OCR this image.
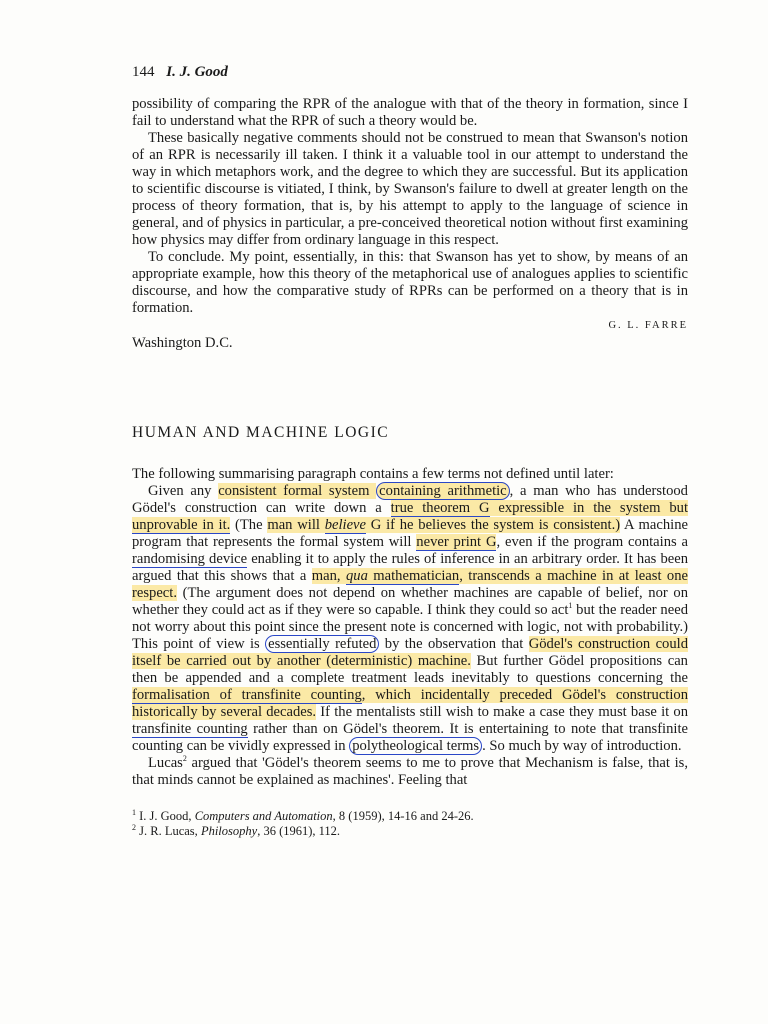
144 I. J. Good

possibility of comparing the RPR of the analogue with that of the theory in formation, since I fail to understand what the RPR of such a theory would be.

These basically negative comments should not be construed to mean that Swanson's notion of an RPR is necessarily ill taken. I think it a valuable tool in our attempt to understand the way in which metaphors work, and the degree to which they are successful. But its application to scientific discourse is vitiated, I think, by Swanson's failure to dwell at greater length on the process of theory formation, that is, by his attempt to apply to the language of science in general, and of physics in particular, a pre-conceived theoretical notion without first examining how physics may differ from ordinary language in this respect.

To conclude. My point, essentially, in this: that Swanson has yet to show, by means of an appropriate example, how this theory of the metaphorical use of analogues applies to scientific discourse, and how the comparative study of RPRs can be performed on a theory that is in formation.

G. L. FARRE
Washington D.C.
HUMAN AND MACHINE LOGIC

The following summarising paragraph contains a few terms not defined until later:

Given any consistent formal system containing arithmetic , a man who has understood Gödel's construction can write down a true theorem G expressible in the system but unprovable in it. (The man will believe G if he believes the system is consistent.) A machine program that represents the formal system will never print G, even if the program contains a randomising device enabling it to apply the rules of inference in an arbitrary order. It has been argued that this shows that a man, qua mathematician, transcends a machine in at least one respect. (The argument does not depend on whether machines are capable of belief, nor on whether they could act as if they were so capable. I think they could so act$^1$ but the reader need not worry about this point since the present note is concerned with logic, not with probability.) This point of view is essentially refuted by the observation that Gödel's construction could itself be carried out by another (deterministic) machine. But further Gödel propositions can then be appended and a complete treatment leads inevitably to questions concerning the formalisation of transfinite counting, which incidentally preceded Gödel's construction historically by several decades. If the mentalists still wish to make a case they must base it on transfinite counting rather than on Gödel's theorem. It is entertaining to note that transfinite counting can be vividly expressed in polytheological terms . So much by way of introduction.

Lucas$^2$ argued that 'Gödel's theorem seems to me to prove that Mechanism is false, that is, that minds cannot be explained as machines'. Feeling that

$^1$ I. J. Good, Computers and Automation, 8 (1959), 14-16 and 24-26.
$^2$ J. R. Lucas, Philosophy, 36 (1961), 112.
